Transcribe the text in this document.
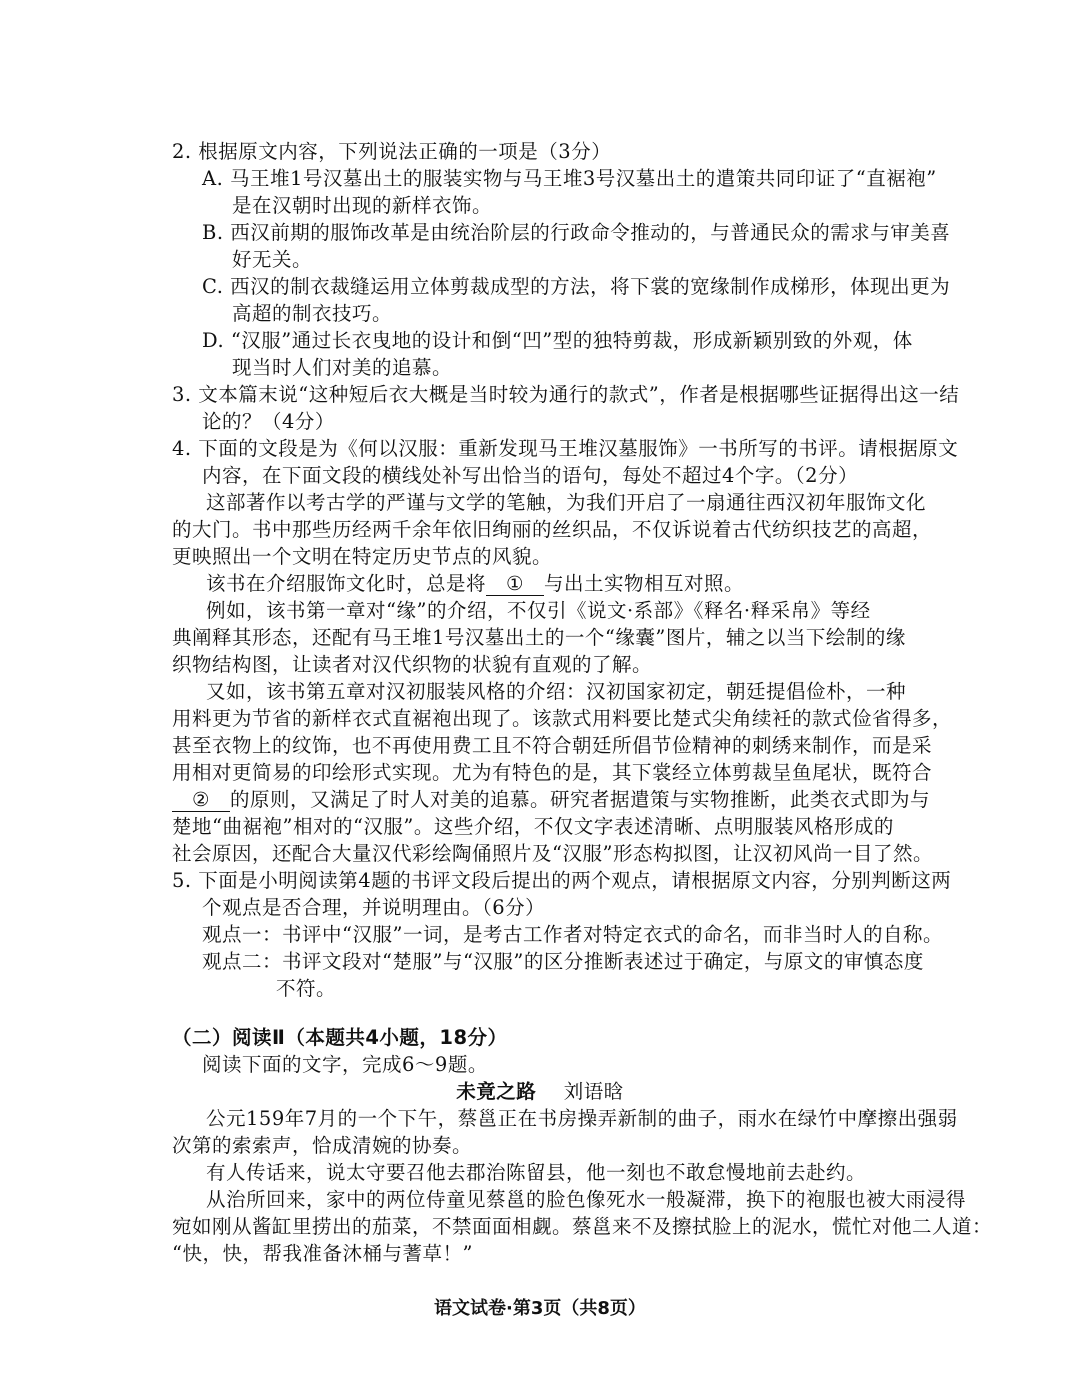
2. 根据原文内容，下列说法正确的一项是（3分）
A. 马王堆1号汉墓出土的服装实物与马王堆3号汉墓出土的遣策共同印证了“直裾袍”
是在汉朝时出现的新样衣饰。
B. 西汉前期的服饰改革是由统治阶层的行政命令推动的，与普通民众的需求与审美喜
好无关。
C. 西汉的制衣裁缝运用立体剪裁成型的方法，将下裳的宽缘制作成梯形，体现出更为
高超的制衣技巧。
D. “汉服”通过长衣曳地的设计和倒“凹”型的独特剪裁，形成新颖别致的外观，体
现当时人们对美的追慕。
3. 文本篇末说“这种短后衣大概是当时较为通行的款式”，作者是根据哪些证据得出这一结
论的？（4分）
4. 下面的文段是为《何以汉服：重新发现马王堆汉墓服饰》一书所写的书评。请根据原文
内容，在下面文段的横线处补写出恰当的语句，每处不超过4个字。（2分）
这部著作以考古学的严谨与文学的笔触，为我们开启了一扇通往西汉初年服饰文化
的大门。书中那些历经两千余年依旧绚丽的丝织品，不仅诉说着古代纺织技艺的高超，
更映照出一个文明在特定历史节点的风貌。
该书在介绍服饰文化时，总是将 ① 与出土实物相互对照。
例如，该书第一章对“缘”的介绍，不仅引《说文·系部》《释名·释采帛》等经
典阐释其形态，还配有马王堆1号汉墓出土的一个“缘囊”图片，辅之以当下绘制的缘
织物结构图，让读者对汉代织物的状貌有直观的了解。
又如，该书第五章对汉初服装风格的介绍：汉初国家初定，朝廷提倡俭朴，一种
用料更为节省的新样衣式直裾袍出现了。该款式用料要比楚式尖角续衽的款式俭省得多，
甚至衣物上的纹饰，也不再使用费工且不符合朝廷所倡节俭精神的刺绣来制作，而是采
用相对更简易的印绘形式实现。尤为有特色的是，其下裳经立体剪裁呈鱼尾状，既符合
② 的原则，又满足了时人对美的追慕。研究者据遣策与实物推断，此类衣式即为与
楚地“曲裾袍”相对的“汉服”。这些介绍，不仅文字表述清晰、点明服装风格形成的
社会原因，还配合大量汉代彩绘陶俑照片及“汉服”形态构拟图，让汉初风尚一目了然。
5. 下面是小明阅读第4题的书评文段后提出的两个观点，请根据原文内容，分别判断这两
个观点是否合理，并说明理由。（6分）
观点一：书评中“汉服”一词，是考古工作者对特定衣式的命名，而非当时人的自称。
观点二：书评文段对“楚服”与“汉服”的区分推断表述过于确定，与原文的审慎态度
不符。
（二）阅读Ⅱ（本题共4小题，18分）
阅读下面的文字，完成6～9题。
未竟之路 刘语晗
公元159年7月的一个下午，蔡邕正在书房操弄新制的曲子，雨水在绿竹中摩擦出强弱
次第的索索声，恰成清婉的协奏。
有人传话来，说太守要召他去郡治陈留县，他一刻也不敢怠慢地前去赴约。
从治所回来，家中的两位侍童见蔡邕的脸色像死水一般凝滞，换下的袍服也被大雨浸得
宛如刚从酱缸里捞出的茄菜，不禁面面相觑。蔡邕来不及擦拭脸上的泥水，慌忙对他二人道：
“快，快，帮我准备沐桶与蓍草！”
语文试卷·第3页（共8页）
